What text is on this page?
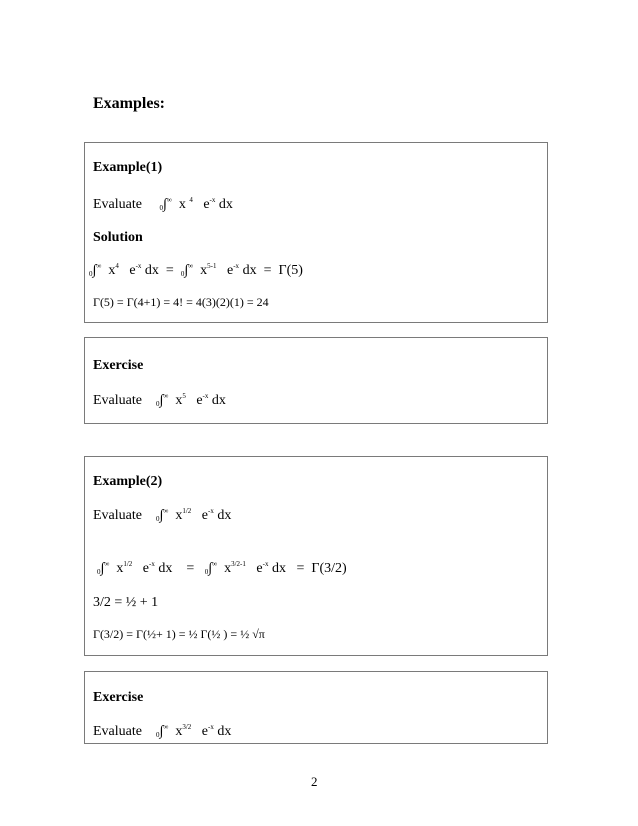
Examples:
Example(1)
Evaluate	$_0$∫∞ x $^4$ $e^{-x}$ dx
Solution
$_0$∫∞ $x^4$ $e^{-x}$ dx = $_0$∫∞ $x^{5-1}$ $e^{-x}$ dx = Γ(5)
Γ(5) = Γ(4+1) = 4! = 4(3)(2)(1) = 24
Exercise
Evaluate $_0$∫∞ $x^5$ $e^{-x}$ dx
Example(2)
Evaluate $_0$∫∞ $x^{1/2}$ $e^{-x}$ dx
$_0$∫∞ $x^{1/2}$ $e^{-x}$ dx = $_0$∫∞ $x^{3/2-1}$ $e^{-x}$ dx = Γ(3/2)
3/2 = ½ + 1
Γ(3/2) = Γ(½+ 1) = ½ Γ(½ ) = ½ √π
Exercise
Evaluate $_0$∫∞ $x^{3/2}$ $e^{-x}$ dx
2
